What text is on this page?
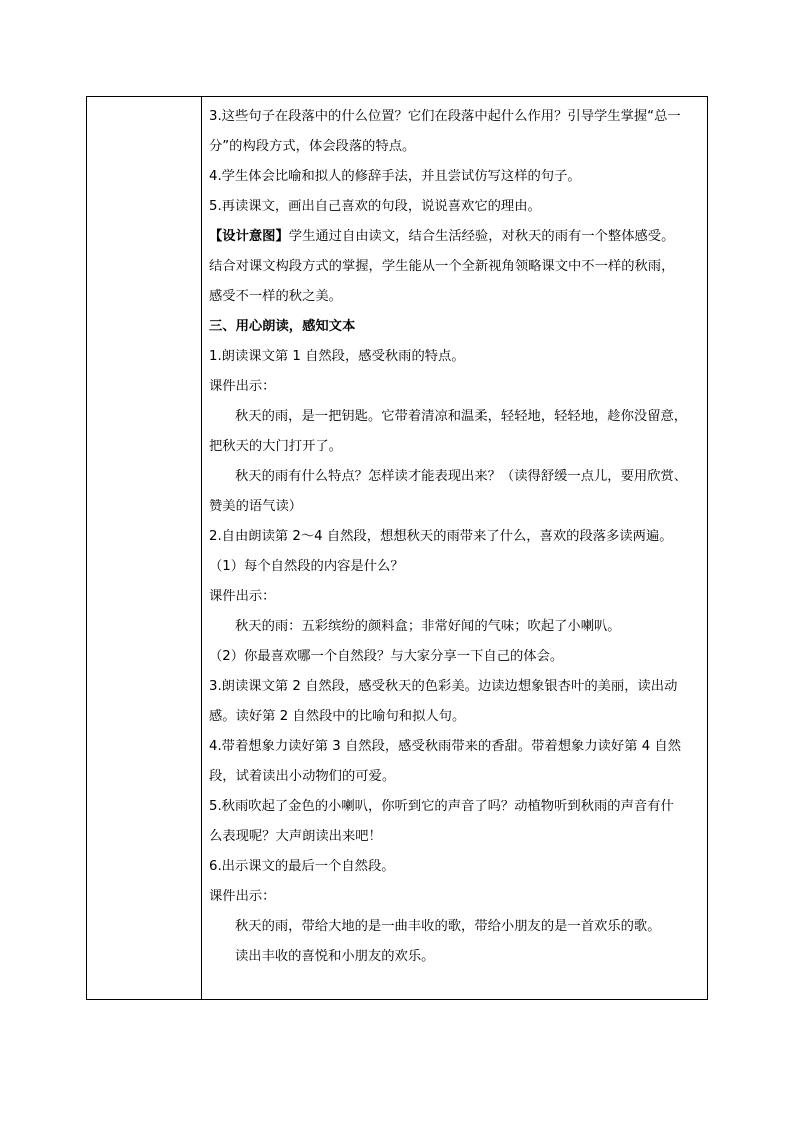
3.这些句子在段落中的什么位置？它们在段落中起什么作用？引导学生掌握“总一
分”的构段方式，体会段落的特点。
4.学生体会比喻和拟人的修辞手法，并且尝试仿写这样的句子。
5.再读课文，画出自己喜欢的句段，说说喜欢它的理由。
【设计意图】学生通过自由读文，结合生活经验，对秋天的雨有一个整体感受。
结合对课文构段方式的掌握，学生能从一个全新视角领略课文中不一样的秋雨，
感受不一样的秋之美。
三、用心朗读，感知文本
1.朗读课文第 1 自然段，感受秋雨的特点。
课件出示：
秋天的雨，是一把钥匙。它带着清凉和温柔，轻轻地，轻轻地，趁你没留意，
把秋天的大门打开了。
秋天的雨有什么特点？怎样读才能表现出来？（读得舒缓一点儿，要用欣赏、
赞美的语气读）
2.自由朗读第 2～4 自然段，想想秋天的雨带来了什么，喜欢的段落多读两遍。
（1）每个自然段的内容是什么？
课件出示：
秋天的雨：五彩缤纷的颜料盒；非常好闻的气味；吹起了小喇叭。
（2）你最喜欢哪一个自然段？与大家分享一下自己的体会。
3.朗读课文第 2 自然段，感受秋天的色彩美。边读边想象银杏叶的美丽，读出动
感。读好第 2 自然段中的比喻句和拟人句。
4.带着想象力读好第 3 自然段，感受秋雨带来的香甜。带着想象力读好第 4 自然
段，试着读出小动物们的可爱。
5.秋雨吹起了金色的小喇叭，你听到它的声音了吗？动植物听到秋雨的声音有什
么表现呢？大声朗读出来吧！
6.出示课文的最后一个自然段。
课件出示：
秋天的雨，带给大地的是一曲丰收的歌，带给小朋友的是一首欢乐的歌。
读出丰收的喜悦和小朋友的欢乐。
